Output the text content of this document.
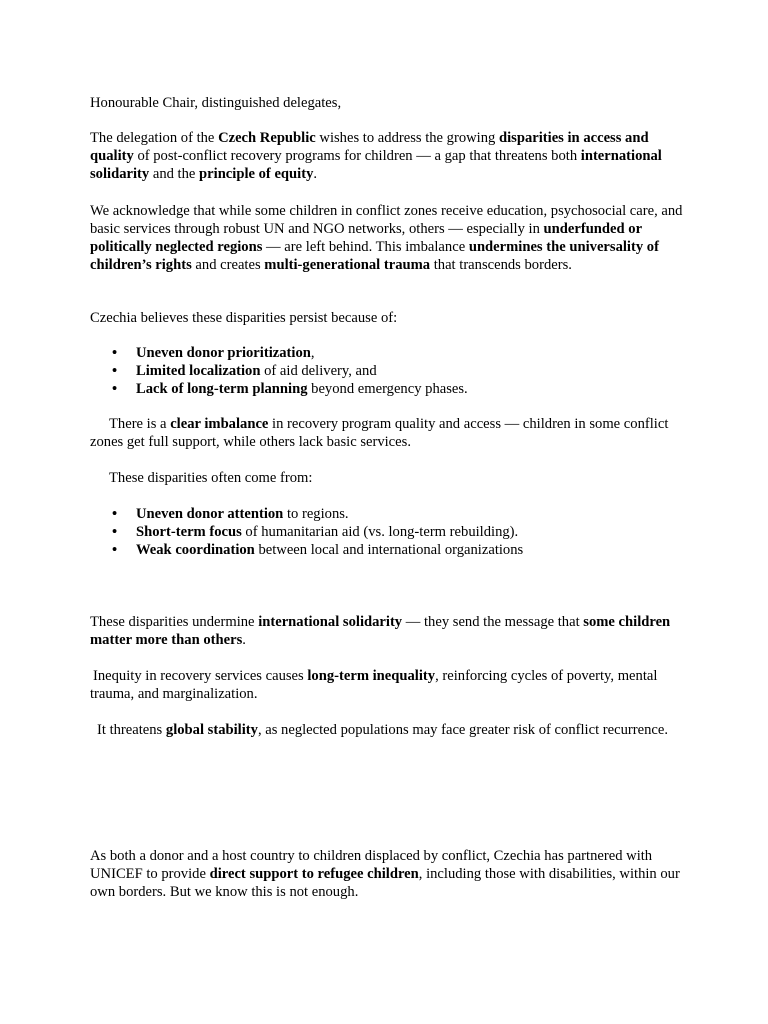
Honourable Chair, distinguished delegates,

The delegation of the Czech Republic wishes to address the growing disparities in access and quality of post-conflict recovery programs for children — a gap that threatens both international solidarity and the principle of equity.

We acknowledge that while some children in conflict zones receive education, psychosocial care, and basic services through robust UN and NGO networks, others — especially in underfunded or politically neglected regions — are left behind. This imbalance undermines the universality of children’s rights and creates multi-generational trauma that transcends borders.

Czechia believes these disparities persist because of:

• Uneven donor prioritization,
• Limited localization of aid delivery, and
• Lack of long-term planning beyond emergency phases.

There is a clear imbalance in recovery program quality and access — children in some conflict zones get full support, while others lack basic services.

These disparities often come from:

• Uneven donor attention to regions.
• Short-term focus of humanitarian aid (vs. long-term rebuilding).
• Weak coordination between local and international organizations

These disparities undermine international solidarity — they send the message that some children matter more than others.

Inequity in recovery services causes long-term inequality, reinforcing cycles of poverty, mental trauma, and marginalization.

It threatens global stability, as neglected populations may face greater risk of conflict recurrence.

As both a donor and a host country to children displaced by conflict, Czechia has partnered with UNICEF to provide direct support to refugee children, including those with disabilities, within our own borders. But we know this is not enough.
